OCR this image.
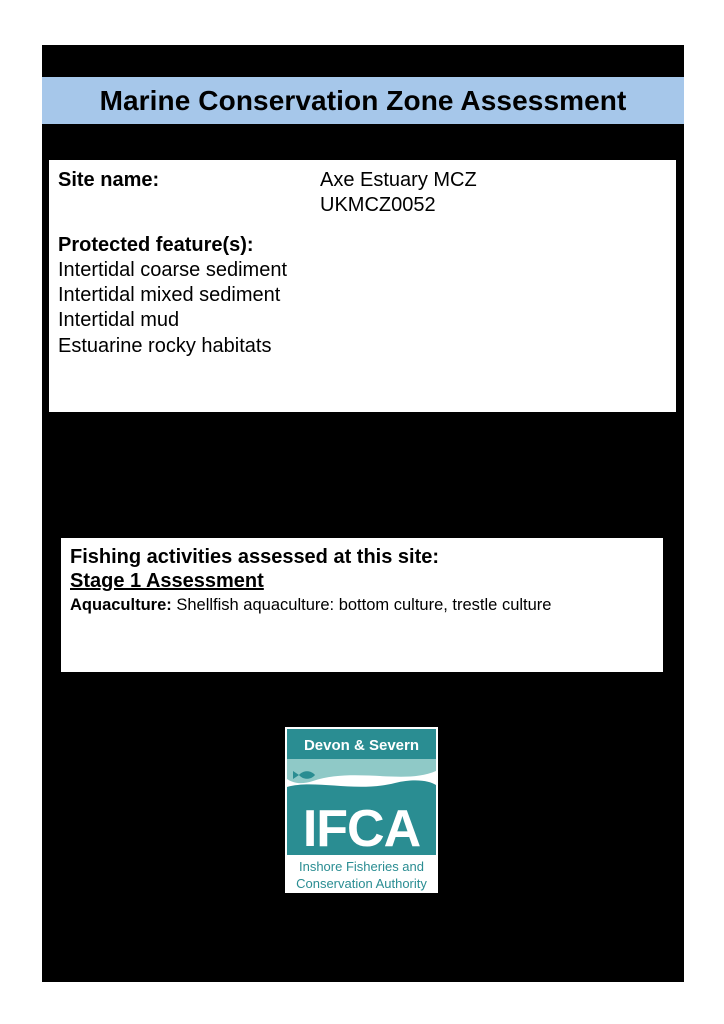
Marine Conservation Zone Assessment
Site name:	Axe Estuary MCZ
UKMCZ0052
Protected feature(s):
Intertidal coarse sediment
Intertidal mixed sediment
Intertidal mud
Estuarine rocky habitats
Fishing activities assessed at this site:
Stage 1 Assessment
Aquaculture: Shellfish aquaculture: bottom culture, trestle culture
Devon & Severn
IFCA
Inshore Fisheries and
Conservation Authority
